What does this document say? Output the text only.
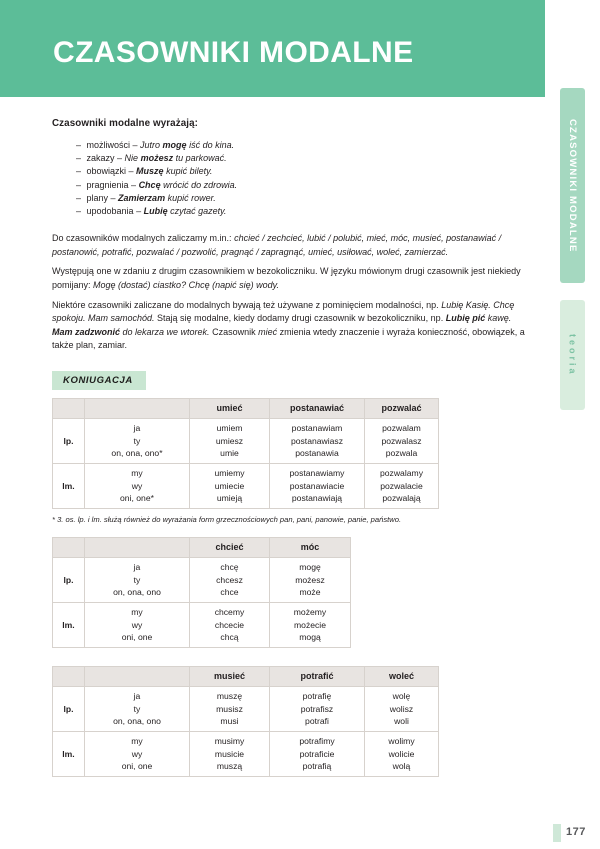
CZASOWNIKI MODALNE
CZASOWNIKI MODALNE
teoria

Czasowniki modalne wyrażają:

– możliwości – Jutro mogę iść do kina.
– zakazy – Nie możesz tu parkować.
– obowiązki – Muszę kupić bilety.
– pragnienia – Chcę wrócić do zdrowia.
– plany – Zamierzam kupić rower.
– upodobania – Lubię czytać gazety.

Do czasowników modalnych zaliczamy m.in.: chcieć / zechcieć, lubić / polubić, mieć, móc, musieć, postanawiać / postanowić, potrafić, pozwalać / pozwolić, pragnąć / zapragnąć, umieć, usiłować, woleć, zamierzać.

Występują one w zdaniu z drugim czasownikiem w bezokoliczniku. W języku mówionym drugi czasownik jest niekiedy pomijany: Mogę (dostać) ciastko? Chcę (napić się) wody.

Niektóre czasowniki zaliczane do modalnych bywają też używane z pominięciem modalności, np. Lubię Kasię. Chcę spokoju. Mam samochód. Stają się modalne, kiedy dodamy drugi czasownik w bezokoliczniku, np. Lubię pić kawę. Mam zadzwonić do lekarza we wtorek. Czasownik mieć zmienia wtedy znaczenie i wyraża konieczność, obowiązek, a także plan, zamiar.

KONIUGACJA
		umieć	postanawiać	pozwalać
lp.	ja
ty
on, ona, ono*	umiem
umiesz
umie	postanawiam
postanawiasz
postanawia	pozwalam
pozwalasz
pozwala

lm.	my
wy
oni, one*	umiemy
umiecie
umieją	postanawiamy
postanawiacie
postanawiają	pozwalamy
pozwalacie
pozwalają

* 3. os. lp. i lm. służą również do wyrażania form grzecznościowych pan, pani, panowie, panie, państwo.

		chcieć	móc
lp.	ja
ty
on, ona, ono	chcę
chcesz
chce	mogę
możesz
może

lm.	my
wy
oni, one	chcemy
chcecie
chcą	możemy
możecie
mogą
		musieć	potrafić	woleć
lp.	ja
ty
on, ona, ono	muszę
musisz
musi	potrafię
potrafisz
potrafi	wolę
wolisz
woli

lm.	my
wy
oni, one	musimy
musicie
muszą	potrafimy
potraficie
potrafią	wolimy
wolicie
wolą
177
